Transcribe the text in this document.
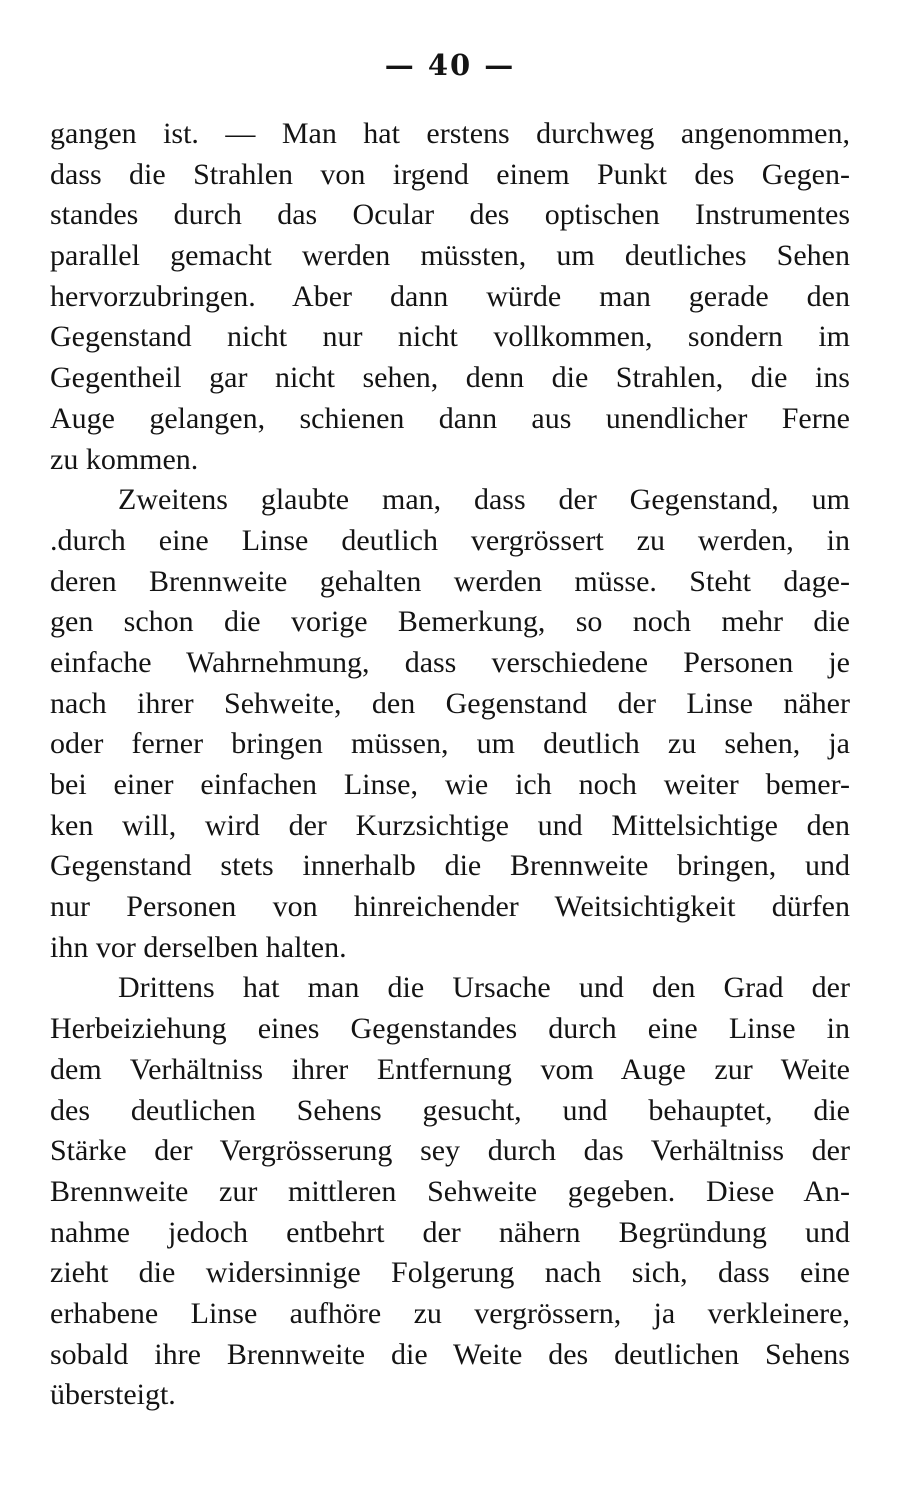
— 40 —
gangen ist. — Man hat erstens durchweg angenommen,
dass die Strahlen von irgend einem Punkt des Gegen-
standes durch das Ocular des optischen Instrumentes
parallel gemacht werden müssten, um deutliches Sehen
hervorzubringen. Aber dann würde man gerade den
Gegenstand nicht nur nicht vollkommen, sondern im
Gegentheil gar nicht sehen, denn die Strahlen, die ins
Auge gelangen, schienen dann aus unendlicher Ferne
zu kommen.
Zweitens glaubte man, dass der Gegenstand, um
.durch eine Linse deutlich vergrössert zu werden, in
deren Brennweite gehalten werden müsse. Steht dage-
gen schon die vorige Bemerkung, so noch mehr die
einfache Wahrnehmung, dass verschiedene Personen je
nach ihrer Sehweite, den Gegenstand der Linse näher
oder ferner bringen müssen, um deutlich zu sehen, ja
bei einer einfachen Linse, wie ich noch weiter bemer-
ken will, wird der Kurzsichtige und Mittelsichtige den
Gegenstand stets innerhalb die Brennweite bringen, und
nur Personen von hinreichender Weitsichtigkeit dürfen
ihn vor derselben halten.
Drittens hat man die Ursache und den Grad der
Herbeiziehung eines Gegenstandes durch eine Linse in
dem Verhältniss ihrer Entfernung vom Auge zur Weite
des deutlichen Sehens gesucht, und behauptet, die
Stärke der Vergrösserung sey durch das Verhältniss der
Brennweite zur mittleren Sehweite gegeben. Diese An-
nahme jedoch entbehrt der nähern Begründung und
zieht die widersinnige Folgerung nach sich, dass eine
erhabene Linse aufhöre zu vergrössern, ja verkleinere,
sobald ihre Brennweite die Weite des deutlichen Sehens
übersteigt.
